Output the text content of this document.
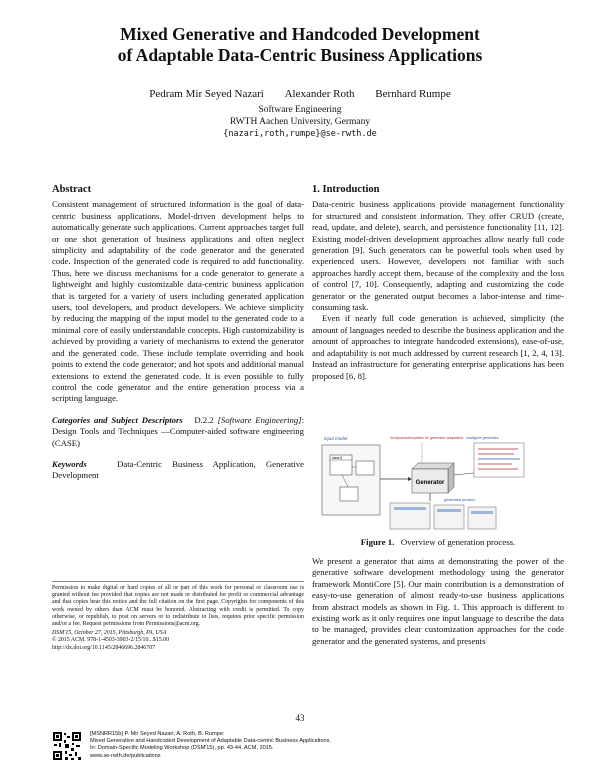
Mixed Generative and Handcoded Development
of Adaptable Data-Centric Business Applications
Pedram Mir Seyed Nazari Alexander Roth Bernhard Rumpe
Software Engineering
RWTH Aachen University, Germany
{nazari,roth,rumpe}@se-rwth.de
Abstract

Consistent management of structured information is the goal of data-centric business applications. Model-driven development helps to automatically generate such applications. Current approaches target full or one shot generation of business applications and often neglect simplicity and adaptability of the code generator and the generated code. Inspection of the generated code is required to add functionality. Thus, here we discuss mechanisms for a code generator to generate a lightweight and highly customizable data-centric business application that is targeted for a variety of users including generated application users, tool developers, and product developers. We achieve simplicity by reducing the mapping of the input model to the generated code to a minimal core of easily understandable concepts. High customizability is achieved by providing a variety of mechanisms to extend the generator and the generated code. These include template overriding and hook points to extend the code generator; and hot spots and additional manual extensions to extend the generated code. It is even possible to fully control the code generator and the entire generation process via a scripting language.

Categories and Subject Descriptors D.2.2 [Software Engineering]: Design Tools and Techniques —Computer-aided software engineering (CASE)

Keywords	Data-Centric Business Application, Generative Development

Permission to make digital or hard copies of all or part of this work for personal or classroom use is granted without fee provided that copies are not made or distributed for profit or commercial advantage and that copies bear this notice and the full citation on the first page. Copyrights for components of this work owned by others than ACM must be honored. Abstracting with credit is permitted. To copy otherwise, or republish, to post on servers or to redistribute to lists, requires prior specific permission and/or a fee. Request permissions from Permissions@acm.org.
DSM'15, October 27, 2015, Pittsburgh, PA, USA
© 2015 ACM. 978-1-4503-3903-2/15/10...$15.00
http://dx.doi.org/10.1145/2846696.2846707
1. Introduction

Data-centric business applications provide management functionality for structured and consistent information. They offer CRUD (create, read, update, and delete), search, and persistence functionality [11, 12]. Existing model-driven development approaches allow nearly full code generation [9]. Such generators can be powerful tools when used by experienced users. However, developers not familiar with such approaches hardly accept them, because of the complexity and the loss of control [7, 10]. Consequently, adapting and customizing the code generator or the generated output becomes a labor-intense and time-consuming task.

Even if nearly full code generation is achieved, simplicity (the amount of languages needed to describe the business application and the amount of approaches to integrate handcoded extensions), ease-of-use, and adaptability is not much addressed by current research [1, 2, 4, 13]. Instead an infrastructure for generating enterprise applications has been proposed [6, 8].

input model
class A
hookpoints/templates for generator adaptation
Generator
configure generator
generated product
Figure 1. Overview of generation process.

We present a generator that aims at demonstrating the power of the generative software development methodology using the generator framework MontiCore [5]. Our main contribution is a demonstration of easy-to-use generation of almost ready-to-use business applications from abstract models as shown in Fig. 1. This approach is different to existing work as it only requires one input language to describe the data to be managed, provides clear customization approaches for the code generator and the generated systems, and presents

43
[MSNRR15b] P. Mir Seyed Nazari, A. Roth, B. Rumpe:
Mixed Generative and Handcoded Development of Adaptable Data-centric Business Applications.
In: Domain-Specific Modeling Workshop (DSM'15), pp. 43-44. ACM, 2015.
www.se-rwth.de/publications
